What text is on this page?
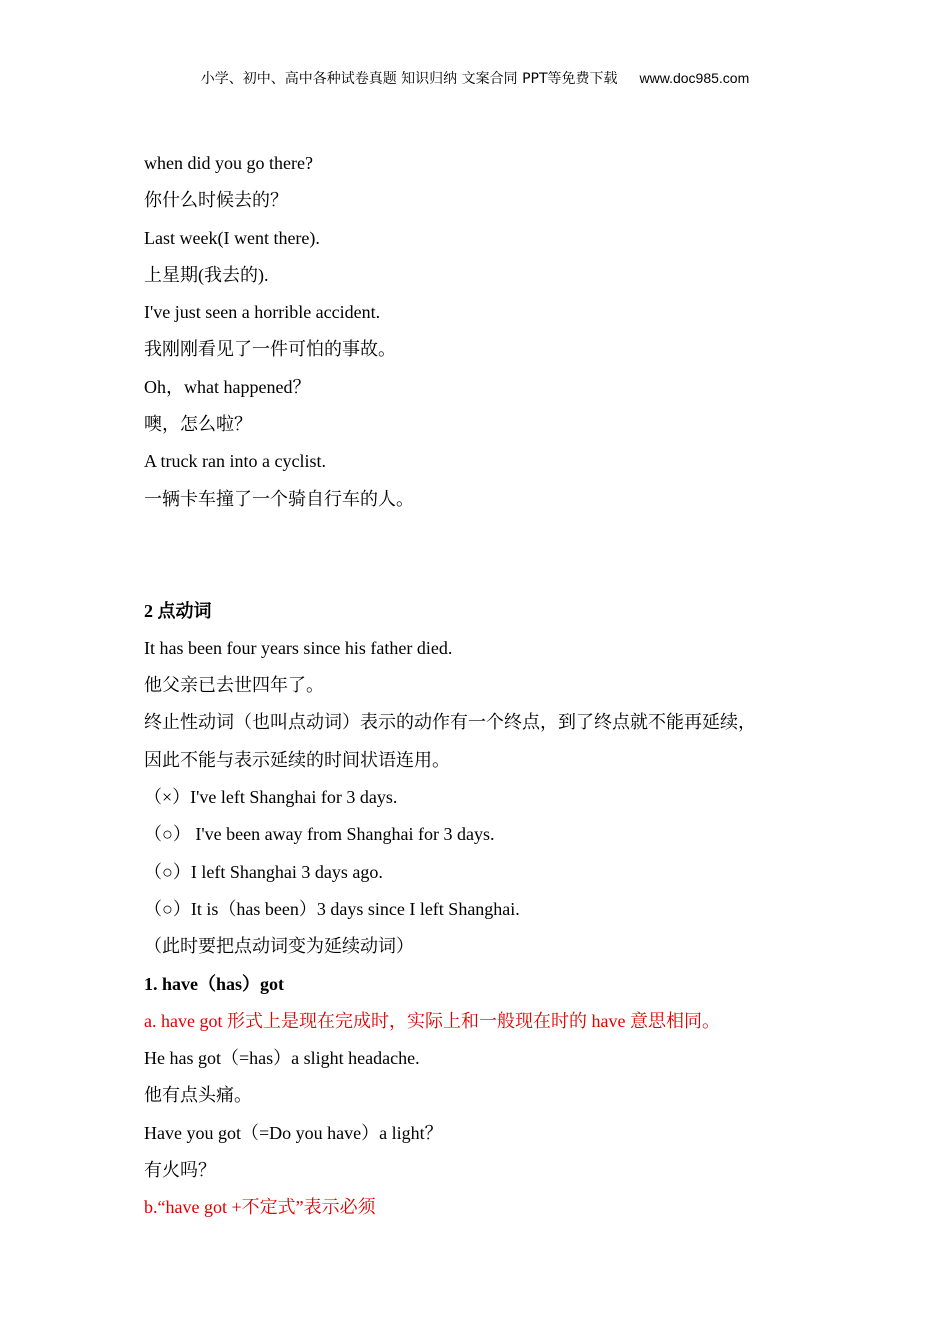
小学、初中、高中各种试卷真题 知识归纳 文案合同 PPT等免费下载 www.doc985.com
when did you go there?
你什么时候去的？
Last week(I went there).
上星期(我去的).
I've just seen a horrible accident.
我刚刚看见了一件可怕的事故。
Oh，what happened？
噢，怎么啦？
A truck ran into a cyclist.
一辆卡车撞了一个骑自行车的人。
2 点动词
It has been four years since his father died.
他父亲已去世四年了。
终止性动词（也叫点动词）表示的动作有一个终点，到了终点就不能再延续，
因此不能与表示延续的时间状语连用。
（×）I've left Shanghai for 3 days.
（○） I've been away from Shanghai for 3 days.
（○）I left Shanghai 3 days ago.
（○）It is（has been）3 days since I left Shanghai.
（此时要把点动词变为延续动词）
1. have（has）got
a. have got 形式上是现在完成时，实际上和一般现在时的 have 意思相同。
He has got（=has）a slight headache.
他有点头痛。
Have you got（=Do you have）a light？
有火吗？
b.“have got +不定式”表示必须
